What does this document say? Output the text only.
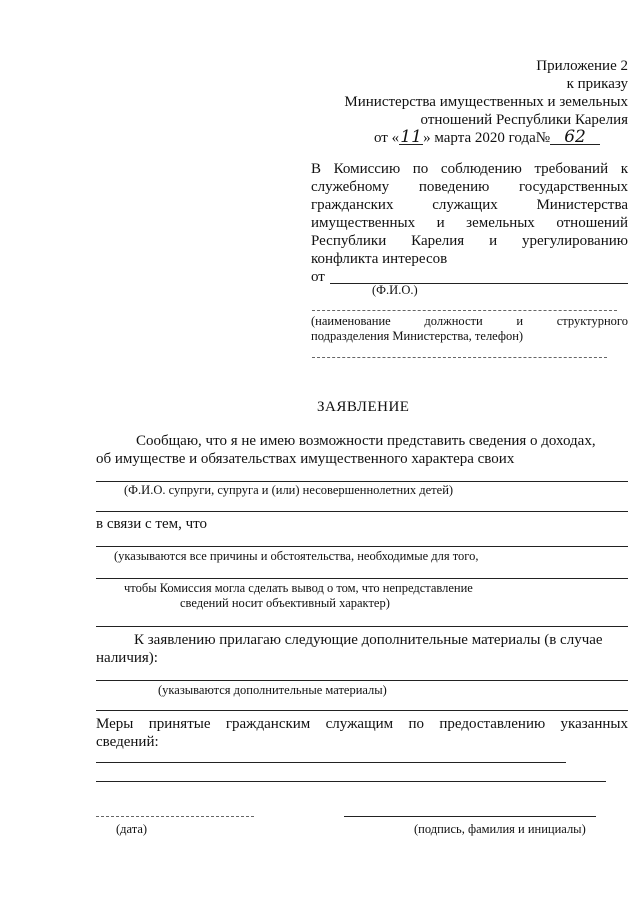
Приложение 2
к приказу
Министерства имущественных и земельных
отношений Республики Карелия
от «11» марта 2020 года№ 62
В Комиссию по соблюдению требований к
служебному поведению государственных
гражданских	служащих	Министерства
имущественных и земельных отношений
Республики Карелия и урегулированию
конфликта интересов
от
(Ф.И.О.)
(наименование	должности	и	структурного
подразделения Министерства, телефон)
ЗАЯВЛЕНИЕ
Сообщаю, что я не имею возможности представить сведения о доходах,
об имуществе и обязательствах имущественного характера своих
(Ф.И.О. супруги, супруга и (или) несовершеннолетних детей)
в связи с тем, что
(указываются все причины и обстоятельства, необходимые для того,
чтобы Комиссия могла сделать вывод о том, что непредставление
сведений носит объективный характер)
К заявлению прилагаю следующие дополнительные материалы (в случае
наличия):
(указываются дополнительные материалы)
Меры принятые гражданским служащим по предоставлению указанных
сведений:
(дата)	(подпись, фамилия и инициалы)
